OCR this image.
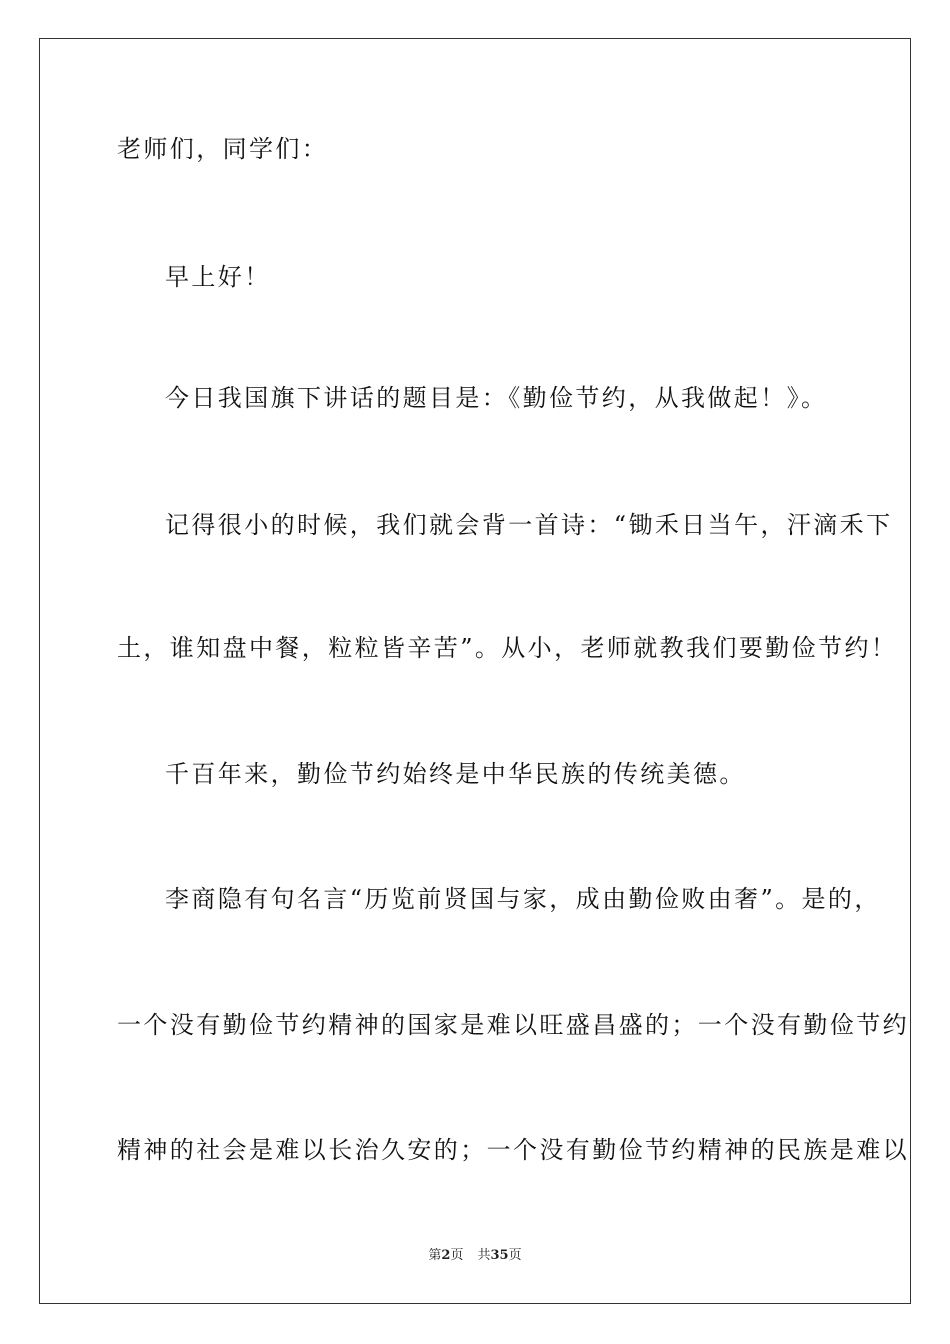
老师们，同学们：
早上好！
今日我国旗下讲话的题目是：《勤俭节约，从我做起！》。
记得很小的时候，我们就会背一首诗：“锄禾日当午，汗滴禾下
土，谁知盘中餐，粒粒皆辛苦”。从小，老师就教我们要勤俭节约！
千百年来，勤俭节约始终是中华民族的传统美德。
李商隐有句名言“历览前贤国与家，成由勤俭败由奢”。是的，
一个没有勤俭节约精神的国家是难以旺盛昌盛的；一个没有勤俭节约
精神的社会是难以长治久安的；一个没有勤俭节约精神的民族是难以
第2页 共35页
